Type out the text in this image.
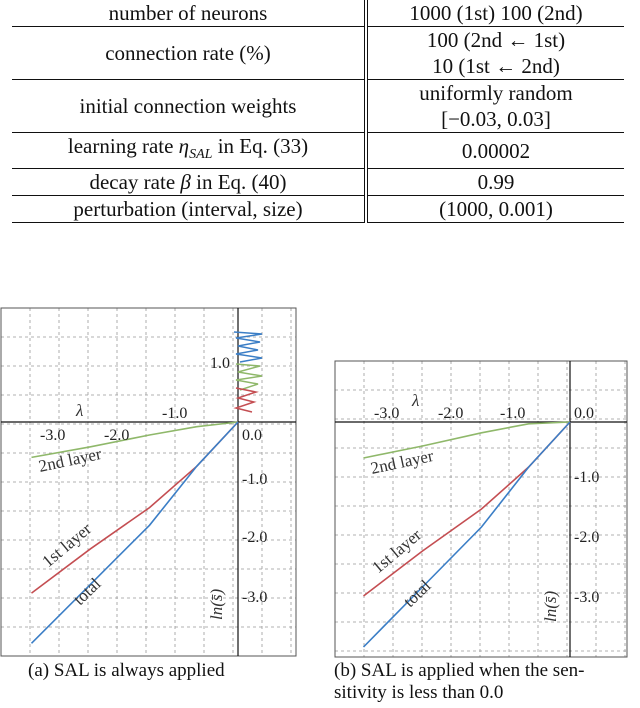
number of neurons	1000 (1st) 100 (2nd)
connection rate (%)	100 (2nd ← 1st)
10 (1st ← 2nd)

initial connection weights	uniformly random
[−0.03, 0.03]

learning rate $\eta_{SAL}$ in Eq. (33)	0.00002
decay rate β in Eq. (40)	0.99
perturbation (interval, size)	(1000, 0.001)
λ
-3.0 -2.0
-1.0
0.0
1.0
-1.0
-2.0
-3.0
ln(s̄)
2nd layer
1st layer
total
(a) SAL is always applied
λ
-3.0 -2.0 -1.0	0.0
-1.0
-2.0
-3.0
ln(s̄)
2nd layer
1st layer
total
(b) SAL is applied when the sen-
sitivity is less than 0.0
